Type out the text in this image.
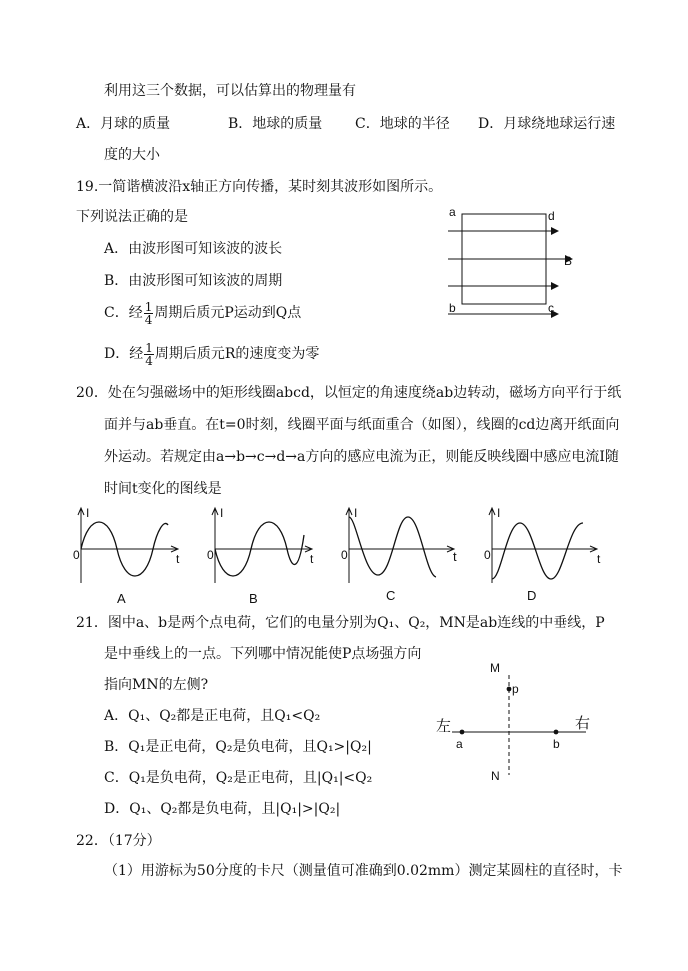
利用这三个数据，可以估算出的物理量有
A．月球的质量	B．地球的质量 C．地球的半径 D．月球绕地球运行速
度的大小
19.一简谐横波沿x轴正方向传播，某时刻其波形如图所示。
下列说法正确的是
A．由波形图可知该波的波长
B．由波形图可知该波的周期
C．经 $\frac{1}{4}$ 周期后质元P运动到Q点
D．经 $\frac{1}{4}$ 周期后质元R的速度变为零
a	d
b	c
B
20．处在匀强磁场中的矩形线圈abcd，以恒定的角速度绕ab边转动，磁场方向平行于纸
面并与ab垂直。在t=0时刻，线圈平面与纸面重合（如图），线圈的cd边离开纸面向
外运动。若规定由a→b→c→d→a方向的感应电流为正，则能反映线圈中感应电流I随
时间t变化的图线是
I
0	t
A
I
0	t
B
I
0	t
C
I
0	t
D
21．图中a、b是两个点电荷，它们的电量分别为Q₁、Q₂，MN是ab连线的中垂线，P
是中垂线上的一点。下列哪中情况能使P点场强方向
指向MN的左侧?
A．Q₁、Q₂都是正电荷，且Q₁<Q₂
B．Q₁是正电荷，Q₂是负电荷，且Q₁>|Q₂|
C．Q₁是负电荷，Q₂是正电荷，且|Q₁|<Q₂
D．Q₁、Q₂都是负电荷，且|Q₁|>|Q₂|
M
N
p
a	b
左	右
22．（17分）
（1）用游标为50分度的卡尺（测量值可准确到0.02mm）测定某圆柱的直径时，卡
